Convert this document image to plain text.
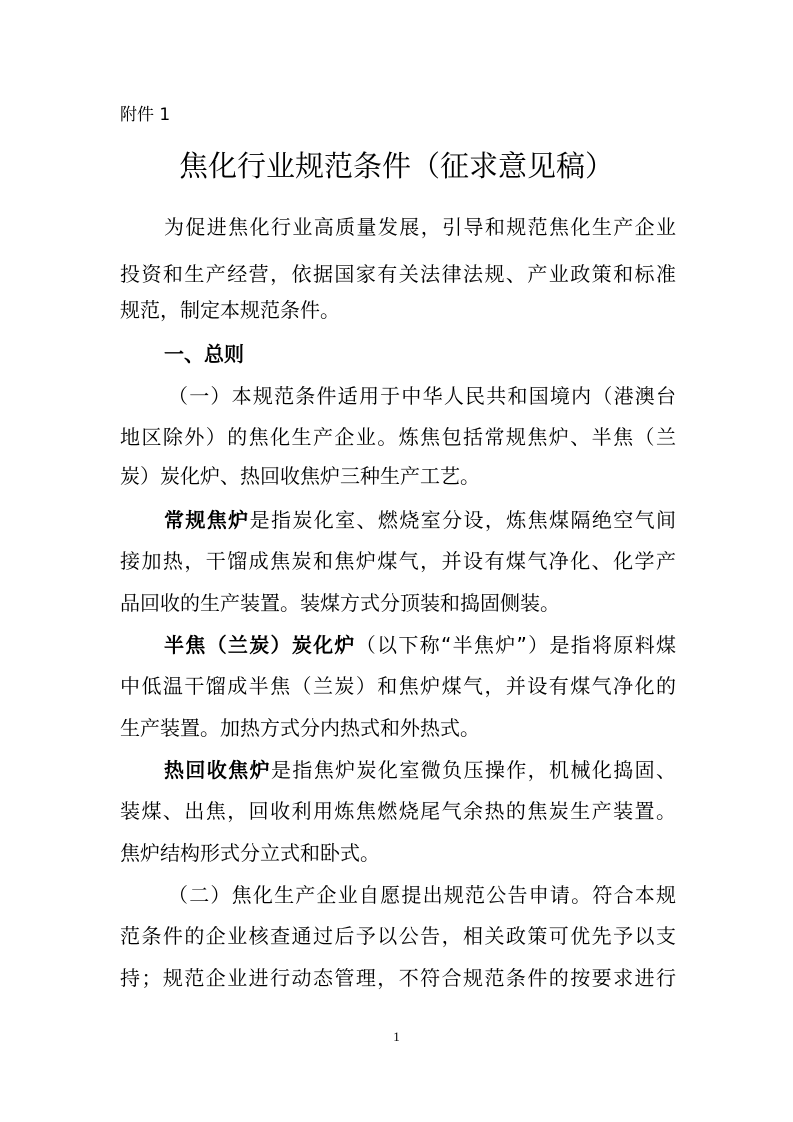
附件 1
焦化行业规范条件（征求意见稿）
为促进焦化行业高质量发展，引导和规范焦化生产企业
投资和生产经营，依据国家有关法律法规、产业政策和标准
规范，制定本规范条件。
一、总则
（一）本规范条件适用于中华人民共和国境内（港澳台
地区除外）的焦化生产企业。炼焦包括常规焦炉、半焦（兰
炭）炭化炉、热回收焦炉三种生产工艺。
常规焦炉是指炭化室、燃烧室分设，炼焦煤隔绝空气间
接加热，干馏成焦炭和焦炉煤气，并设有煤气净化、化学产
品回收的生产装置。装煤方式分顶装和捣固侧装。
半焦（兰炭）炭化炉（以下称“半焦炉”）是指将原料煤
中低温干馏成半焦（兰炭）和焦炉煤气，并设有煤气净化的
生产装置。加热方式分内热式和外热式。
热回收焦炉是指焦炉炭化室微负压操作，机械化捣固、
装煤、出焦，回收利用炼焦燃烧尾气余热的焦炭生产装置。
焦炉结构形式分立式和卧式。
（二）焦化生产企业自愿提出规范公告申请。符合本规
范条件的企业核查通过后予以公告，相关政策可优先予以支
持；规范企业进行动态管理，不符合规范条件的按要求进行
1
